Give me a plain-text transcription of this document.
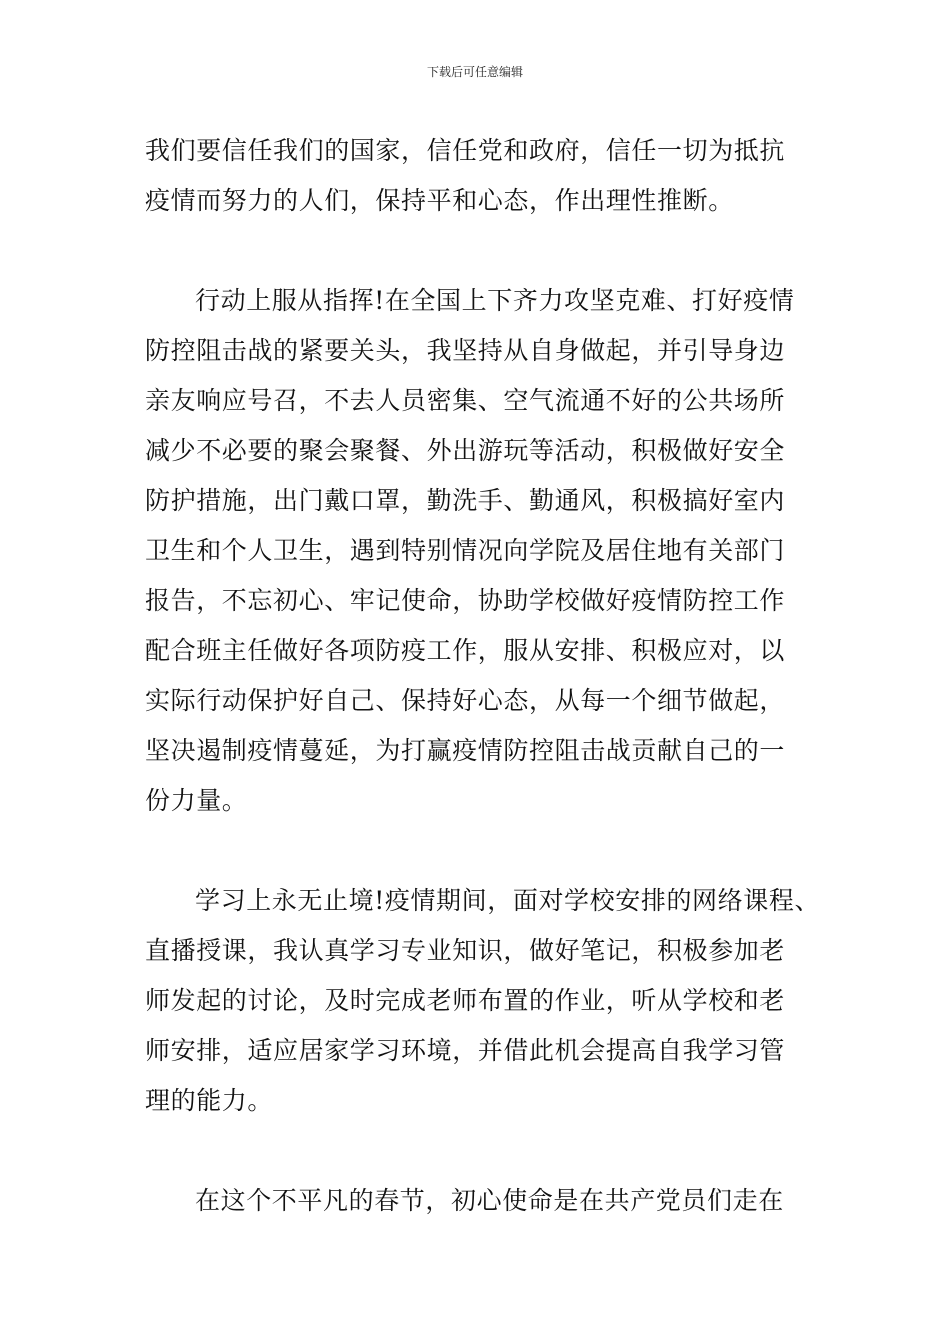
下载后可任意编辑
我们要信任我们的国家，信任党和政府，信任一切为抵抗
疫情而努力的人们，保持平和心态，作出理性推断。
行动上服从指挥!在全国上下齐力攻坚克难、打好疫情
防控阻击战的紧要关头，我坚持从自身做起，并引导身边
亲友响应号召，不去人员密集、空气流通不好的公共场所
减少不必要的聚会聚餐、外出游玩等活动，积极做好安全
防护措施，出门戴口罩，勤洗手、勤通风，积极搞好室内
卫生和个人卫生，遇到特别情况向学院及居住地有关部门
报告，不忘初心、牢记使命，协助学校做好疫情防控工作
配合班主任做好各项防疫工作，服从安排、积极应对，以
实际行动保护好自己、保持好心态，从每一个细节做起，
坚决遏制疫情蔓延，为打赢疫情防控阻击战贡献自己的一
份力量。
学习上永无止境!疫情期间，面对学校安排的网络课程、
直播授课，我认真学习专业知识，做好笔记，积极参加老
师发起的讨论，及时完成老师布置的作业，听从学校和老
师安排，适应居家学习环境，并借此机会提高自我学习管
理的能力。
在这个不平凡的春节，初心使命是在共产党员们走在
